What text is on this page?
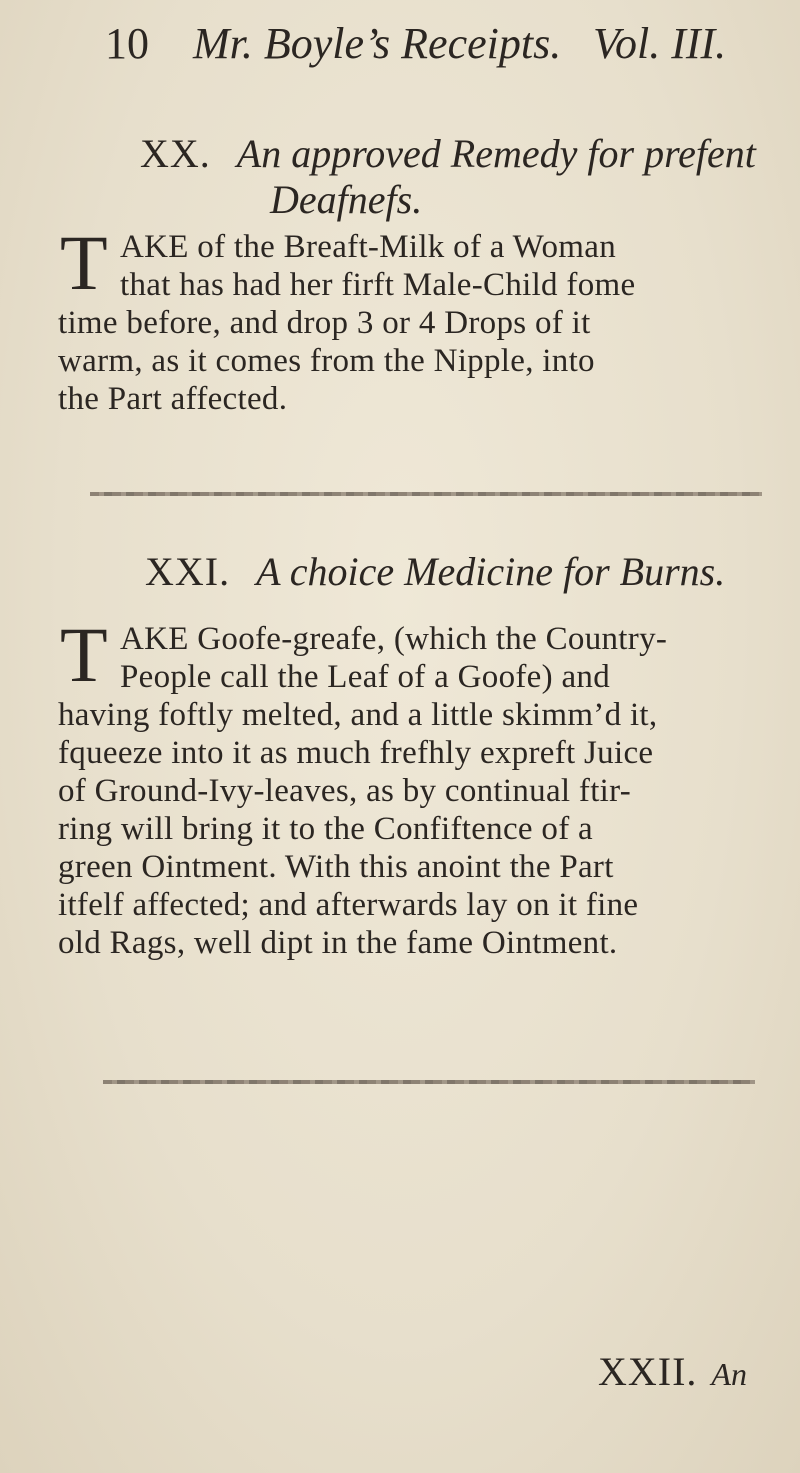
10 Mr. Boyle’s Receipts. Vol. III.
XX. An approved Remedy for prefent
Deafnefs.
T AKE of the Breaft-Milk of a Woman
that has had her firft Male-Child fome
time before, and drop 3 or 4 Drops of it
warm, as it comes from the Nipple, into
the Part affected.
XXI. A choice Medicine for Burns.
T AKE Goofe-greafe, (which the Country-
People call the Leaf of a Goofe) and
having foftly melted, and a little skimm’d it,
fqueeze into it as much frefhly expreft Juice
of Ground-Ivy-leaves, as by continual ftir-
ring will bring it to the Confiftence of a
green Ointment. With this anoint the Part
itfelf affected; and afterwards lay on it fine
old Rags, well dipt in the fame Ointment.
XXII. An
